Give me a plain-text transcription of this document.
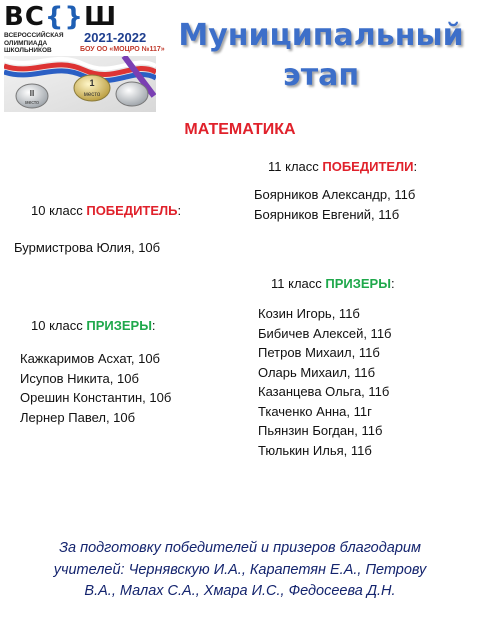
ВС{}Ш
ВСЕРОССИЙСКАЯ
ОЛИМПИАДА
ШКОЛЬНИКОВ
2021-2022
БОУ ОО «МОЦРО №117»
1
место
II
место
Муниципальный
этап
МАТЕМАТИКА
11 класс ПОБЕДИТЕЛИ:
Боярников Александр, 11б
Боярников Евгений, 11б
10 класс ПОБЕДИТЕЛЬ:
Бурмистрова Юлия, 10б
11 класс ПРИЗЕРЫ:
Козин Игорь, 11б
Бибичев Алексей, 11б
Петров Михаил, 11б
Оларь Михаил, 11б
Казанцева Ольга, 11б
Ткаченко Анна, 11г
Пьянзин Богдан, 11б
Тюлькин Илья, 11б
10 класс ПРИЗЕРЫ:
Кажкаримов Асхат, 10б
Исупов Никита, 10б
Орешин Константин, 10б
Лернер Павел, 10б
За подготовку победителей и призеров благодарим
учителей: Чернявскую И.А., Карапетян Е.А., Петрову
В.А., Малах С.А., Хмара И.С., Федосеева Д.Н.
